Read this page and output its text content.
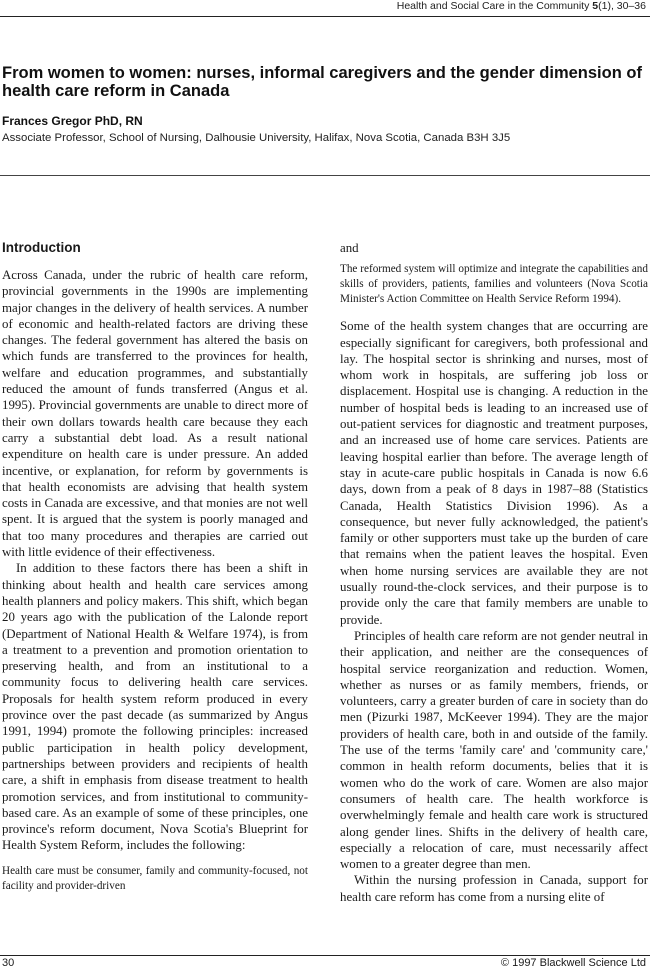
Health and Social Care in the Community 5(1), 30–36
From women to women: nurses, informal caregivers and the gender dimension of health care reform in Canada
Frances Gregor PhD, RN
Associate Professor, School of Nursing, Dalhousie University, Halifax, Nova Scotia, Canada B3H 3J5
Introduction

Across Canada, under the rubric of health care reform, provincial governments in the 1990s are implementing major changes in the delivery of health services. A number of economic and health-related factors are driving these changes. The federal government has altered the basis on which funds are transferred to the provinces for health, welfare and education programmes, and substantially reduced the amount of funds transferred (Angus et al. 1995). Provincial governments are unable to direct more of their own dollars towards health care because they each carry a substantial debt load. As a result national expenditure on health care is under pressure. An added incentive, or explanation, for reform by governments is that health economists are advising that health system costs in Canada are excessive, and that monies are not well spent. It is argued that the system is poorly managed and that too many procedures and therapies are carried out with little evidence of their effectiveness.

In addition to these factors there has been a shift in thinking about health and health care services among health planners and policy makers. This shift, which began 20 years ago with the publication of the Lalonde report (Department of National Health & Welfare 1974), is from a treatment to a prevention and promotion orientation to preserving health, and from an institutional to a community focus to delivering health care services. Proposals for health system reform produced in every province over the past decade (as summarized by Angus 1991, 1994) promote the following principles: increased public participation in health policy development, partnerships between providers and recipients of health care, a shift in emphasis from disease treatment to health promotion services, and from institutional to community-based care. As an example of some of these principles, one province's reform document, Nova Scotia's Blueprint for Health System Reform, includes the following:

Health care must be consumer, family and community-focused, not facility and provider-driven

and

The reformed system will optimize and integrate the capabilities and skills of providers, patients, families and volunteers (Nova Scotia Minister's Action Committee on Health Service Reform 1994).

Some of the health system changes that are occurring are especially significant for caregivers, both professional and lay. The hospital sector is shrinking and nurses, most of whom work in hospitals, are suffering job loss or displacement. Hospital use is changing. A reduction in the number of hospital beds is leading to an increased use of out-patient services for diagnostic and treatment purposes, and an increased use of home care services. Patients are leaving hospital earlier than before. The average length of stay in acute-care public hospitals in Canada is now 6.6 days, down from a peak of 8 days in 1987–88 (Statistics Canada, Health Statistics Division 1996). As a consequence, but never fully acknowledged, the patient's family or other supporters must take up the burden of care that remains when the patient leaves the hospital. Even when home nursing services are available they are not usually round-the-clock services, and their purpose is to provide only the care that family members are unable to provide.

Principles of health care reform are not gender neutral in their application, and neither are the consequences of hospital service reorganization and reduction. Women, whether as nurses or as family members, friends, or volunteers, carry a greater burden of care in society than do men (Pizurki 1987, McKeever 1994). They are the major providers of health care, both in and outside of the family. The use of the terms 'family care' and 'community care,' common in health reform documents, belies that it is women who do the work of care. Women are also major consumers of health care. The health workforce is overwhelmingly female and health care work is structured along gender lines. Shifts in the delivery of health care, especially a relocation of care, must necessarily affect women to a greater degree than men.

Within the nursing profession in Canada, support for health care reform has come from a nursing elite of

30	© 1997 Blackwell Science Ltd
